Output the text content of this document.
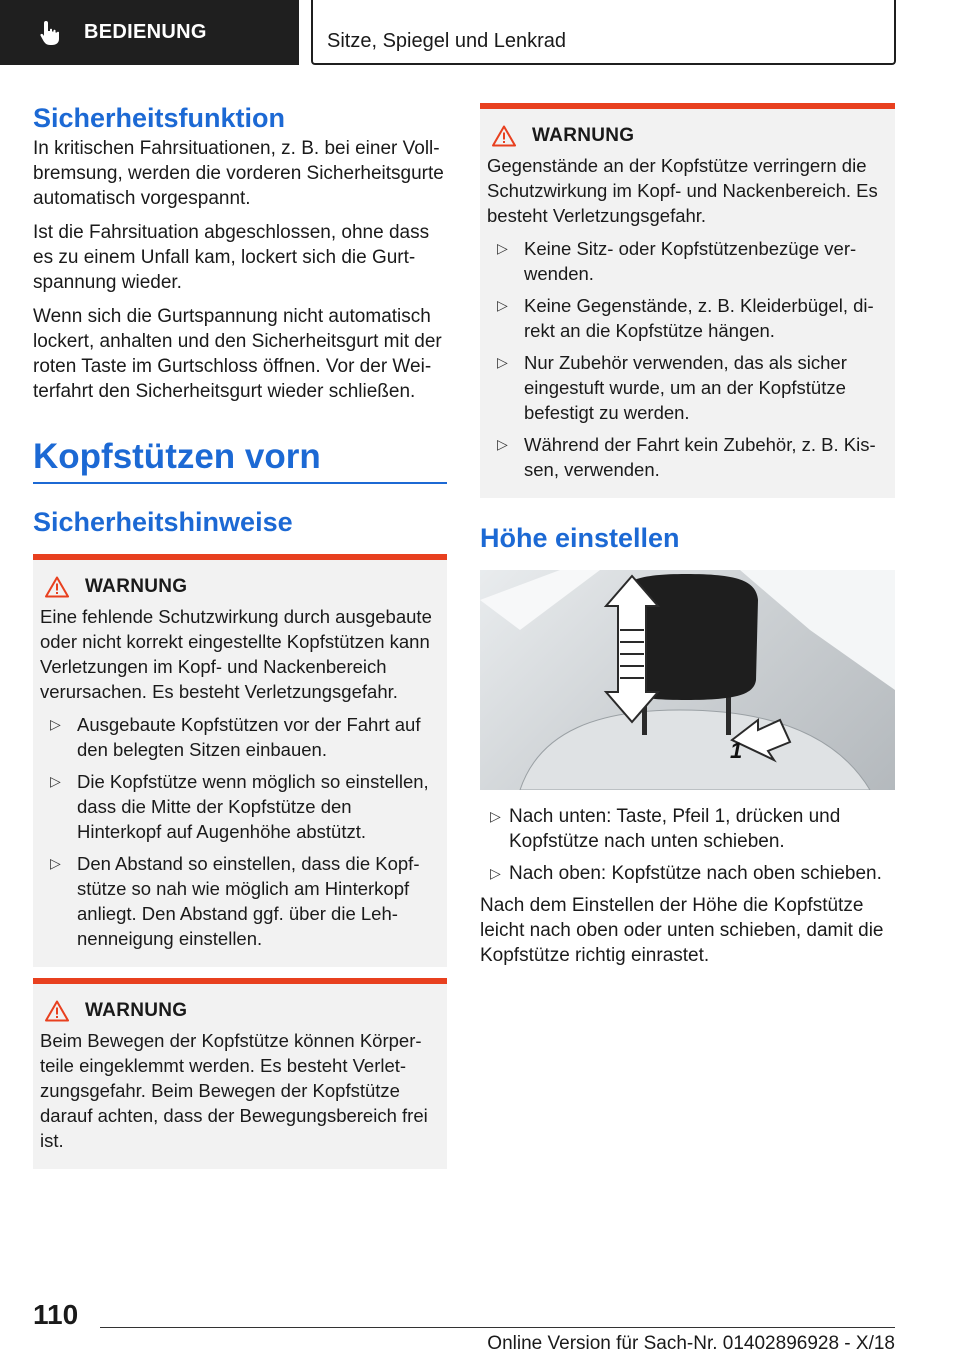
BEDIENUNG	Sitze, Spiegel und Lenkrad
Sicherheitsfunktion

In kritischen Fahrsituationen, z. B. bei einer Vollbremsung, werden die vorderen Sicherheitsgurte automatisch vorgespannt.

Ist die Fahrsituation abgeschlossen, ohne dass es zu einem Unfall kam, lockert sich die Gurtspannung wieder.

Wenn sich die Gurtspannung nicht automatisch lockert, anhalten und den Sicherheitsgurt mit der roten Taste im Gurtschloss öffnen. Vor der Weiterfahrt den Sicherheitsgurt wieder schließen.

Kopfstützen vorn
Sicherheitshinweise
WARNUNG

Eine fehlende Schutzwirkung durch ausgebaute oder nicht korrekt eingestellte Kopfstützen kann Verletzungen im Kopf- und Nackenbereich verursachen. Es besteht Verletzungsgefahr.

▷ Ausgebaute Kopfstützen vor der Fahrt auf den belegten Sitzen einbauen.
▷ Die Kopfstütze wenn möglich so einstellen, dass die Mitte der Kopfstütze den Hinterkopf auf Augenhöhe abstützt.
▷ Den Abstand so einstellen, dass die Kopfstütze so nah wie möglich am Hinterkopf anliegt. Den Abstand ggf. über die Lehnenneigung einstellen.
WARNUNG

Beim Bewegen der Kopfstütze können Körperteile eingeklemmt werden. Es besteht Verletzungsgefahr. Beim Bewegen der Kopfstütze darauf achten, dass der Bewegungsbereich frei ist.

WARNUNG

Gegenstände an der Kopfstütze verringern die Schutzwirkung im Kopf- und Nackenbereich. Es besteht Verletzungsgefahr.

▷ Keine Sitz- oder Kopfstützenbezüge verwenden.
▷ Keine Gegenstände, z. B. Kleiderbügel, direkt an die Kopfstütze hängen.
▷ Nur Zubehör verwenden, das als sicher eingestuft wurde, um an der Kopfstütze befestigt zu werden.
▷ Während der Fahrt kein Zubehör, z. B. Kissen, verwenden.
Höhe einstellen
1
▷ Nach unten: Taste, Pfeil 1, drücken und Kopfstütze nach unten schieben.
▷ Nach oben: Kopfstütze nach oben schieben.

Nach dem Einstellen der Höhe die Kopfstütze leicht nach oben oder unten schieben, damit die Kopfstütze richtig einrastet.

110
Online Version für Sach-Nr. 01402896928 - X/18
